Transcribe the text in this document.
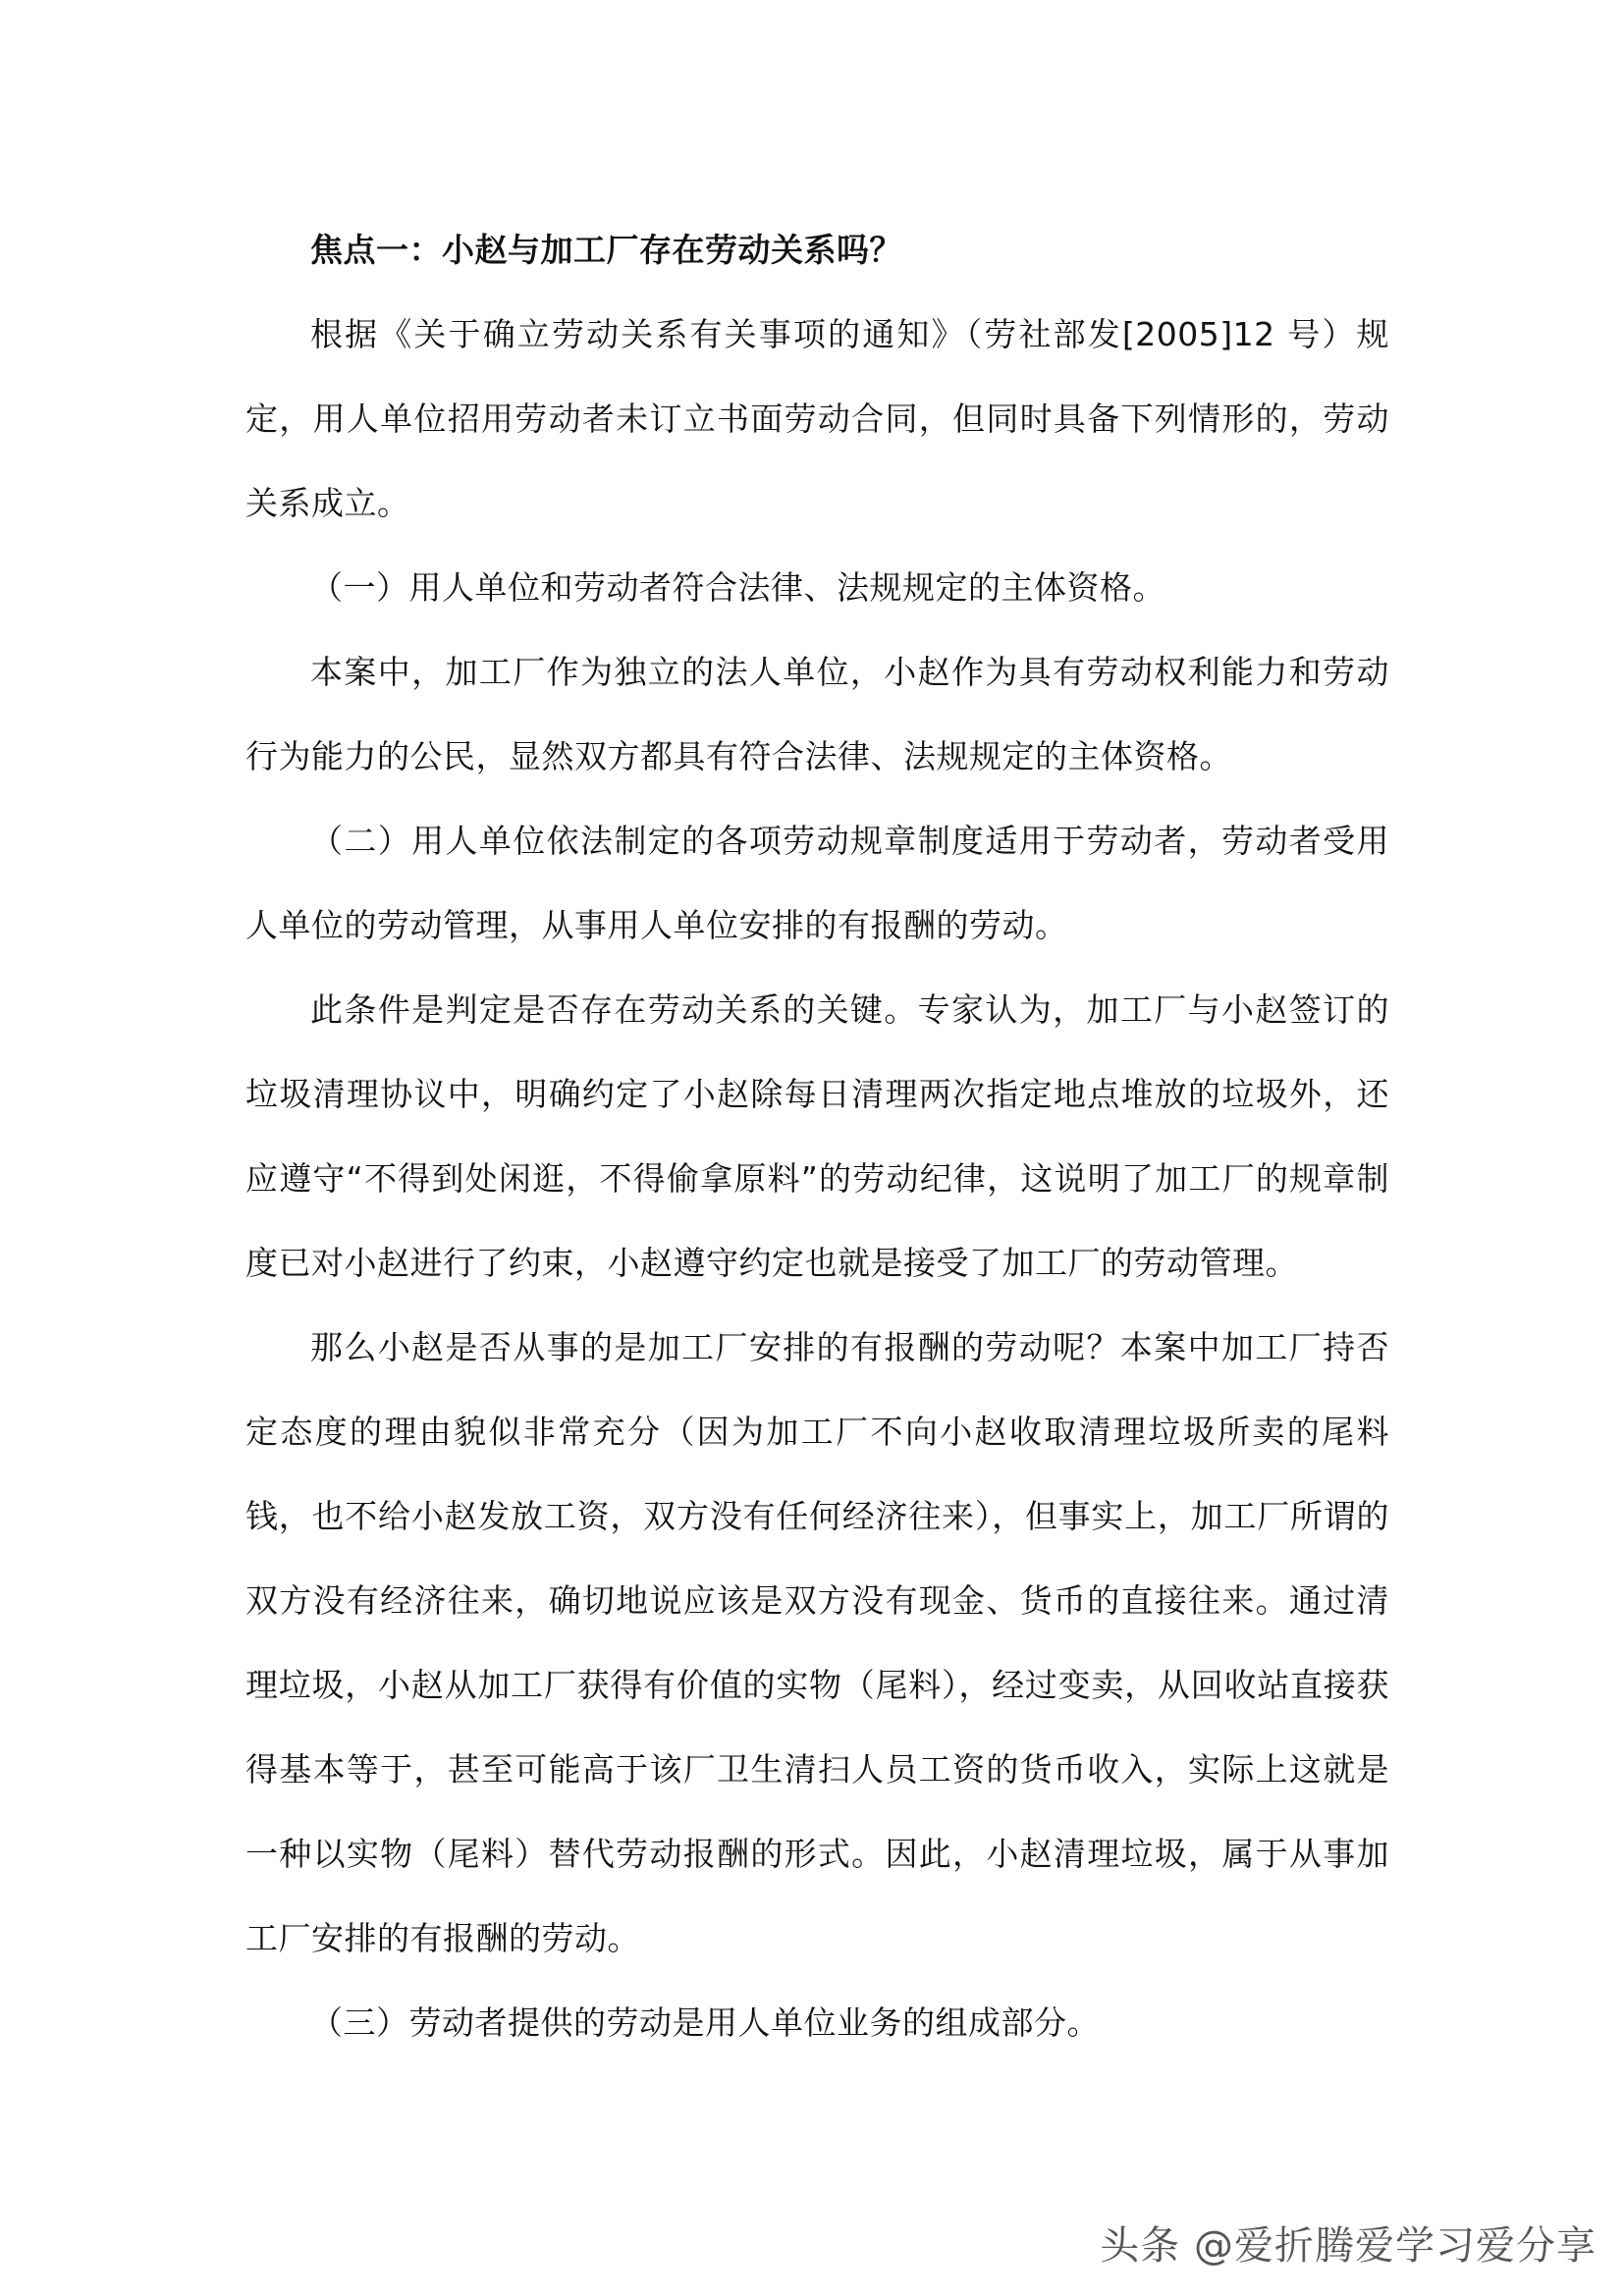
焦点一：小赵与加工厂存在劳动关系吗？

根据《关于确立劳动关系有关事项的通知》（劳社部发[2005]12 号）规定，用人单位招用劳动者未订立书面劳动合同，但同时具备下列情形的，劳动关系成立。

（一）用人单位和劳动者符合法律、法规规定的主体资格。

本案中，加工厂作为独立的法人单位，小赵作为具有劳动权利能力和劳动行为能力的公民，显然双方都具有符合法律、法规规定的主体资格。

（二）用人单位依法制定的各项劳动规章制度适用于劳动者，劳动者受用人单位的劳动管理，从事用人单位安排的有报酬的劳动。

此条件是判定是否存在劳动关系的关键。专家认为，加工厂与小赵签订的垃圾清理协议中，明确约定了小赵除每日清理两次指定地点堆放的垃圾外，还应遵守“不得到处闲逛，不得偷拿原料”的劳动纪律，这说明了加工厂的规章制度已对小赵进行了约束，小赵遵守约定也就是接受了加工厂的劳动管理。

那么小赵是否从事的是加工厂安排的有报酬的劳动呢？本案中加工厂持否定态度的理由貌似非常充分（因为加工厂不向小赵收取清理垃圾所卖的尾料钱，也不给小赵发放工资，双方没有任何经济往来），但事实上，加工厂所谓的双方没有经济往来，确切地说应该是双方没有现金、货币的直接往来。通过清理垃圾，小赵从加工厂获得有价值的实物（尾料），经过变卖，从回收站直接获得基本等于，甚至可能高于该厂卫生清扫人员工资的货币收入，实际上这就是一种以实物（尾料）替代劳动报酬的形式。因此，小赵清理垃圾，属于从事加工厂安排的有报酬的劳动。

（三）劳动者提供的劳动是用人单位业务的组成部分。

头条 @爱折腾爱学习爱分享
